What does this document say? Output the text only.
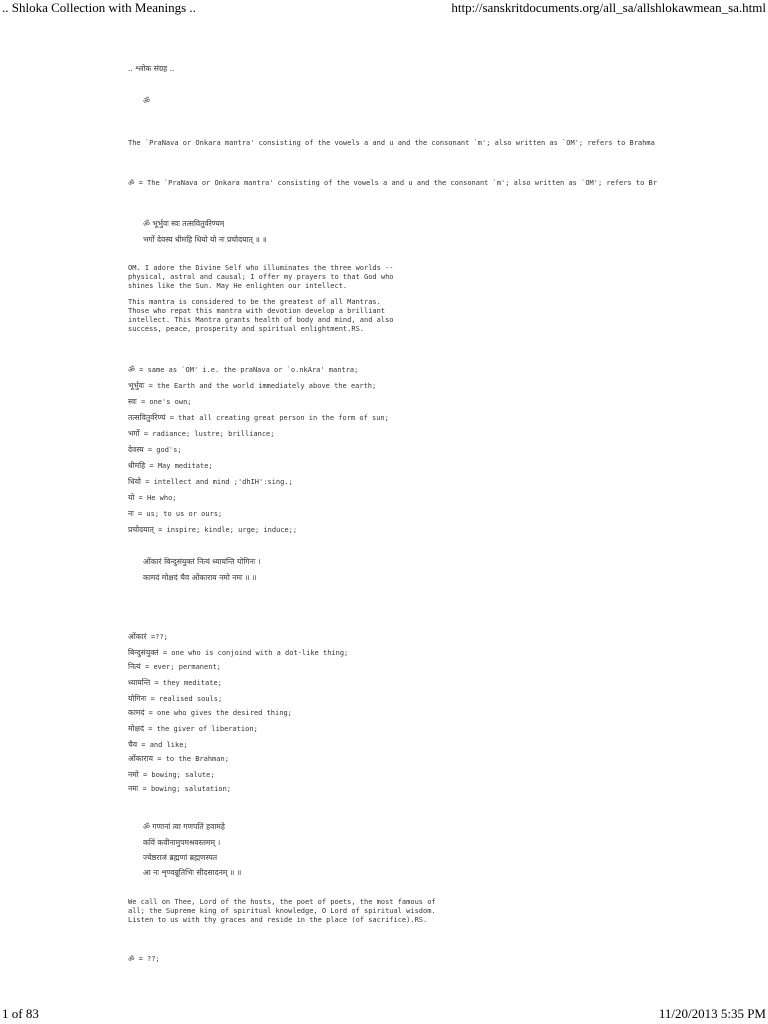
.. Shloka Collection with Meanings ..	http://sanskritdocuments.org/all_sa/allshlokawmean_sa.html
.. श्लोक संग्रह ..
ॐ
The `PraNava or Onkara mantra' consisting of the vowels a and u and the consonant `m'; also written as `OM'; refers to Brahma
ॐ = The `PraNava or Onkara mantra' consisting of the vowels a and u and the consonant `m'; also written as `OM'; refers to Br
ॐ भूर्भुवः स्वः तत्सवितुर्वरेण्यम्
भर्गो देवस्य धीमहि धियो यो नः प्रचोदयात् ॥ ॥
OM. I adore the Divine Self who illuminates the three worlds --
physical, astral and causal; I offer my prayers to that God who
shines like the Sun. May He enlighten our intellect.
This mantra is considered to be the greatest of all Mantras.
Those who repat this mantra with devotion develop a brilliant
intellect. This Mantra grants health of body and mind, and also
success, peace, prosperity and spiritual enlightment.RS.
ॐ = same as `OM' i.e. the praNava or `o.nkAra' mantra;
भूर्भुवः = the Earth and the world immediately above the earth;
स्वः = one's own;
तत्सवितुर्वरेण्यं = that all creating great person in the form of sun;
भर्गो = radiance; lustre; brilliance;
देवस्य = god's;
धीमहि = May meditate;
धियो = intellect and mind ;'dhIH':sing.;
यो = He who;
नः = us; to us or ours;
प्रचोदयात् = inspire; kindle; urge; induce;;
ओंकारं बिन्दुसंयुक्तं नित्यं ध्यायन्ति योगिनः ।
कामदं मोक्षदं चैव ओंकाराय नमो नमः ॥ ॥
ओंकारं =??;
बिन्दुसंयुक्तं = one who is conjoind with a dot-like thing;
नित्यं = ever; permanent;
ध्यायन्ति = they meditate;
योगिनः = realised souls;
कामदं = one who gives the desired thing;
मोक्षदं = the giver of liberation;
चैव = and like;
ओंकाराय = to the Brahman;
नमो = bowing; salute;
नमः = bowing; salutation;
ॐ गणानां त्वा गणपतिं हवामहे
कविं कवीनामुपमश्रवस्तमम् ।
ज्येष्ठराजं ब्रह्मणां ब्रह्मणस्पत
आ नः शृण्वन्नूतिभिः सीदसादनम् ॥ ॥
We call on Thee, Lord of the hosts, the poet of poets, the most famous of
all; the Supreme king of spiritual knowledge, O Lord of spiritual wisdom.
Listen to us with thy graces and reside in the place (of sacrifice).RS.
ॐ = ??;
1 of 83	11/20/2013 5:35 PM
